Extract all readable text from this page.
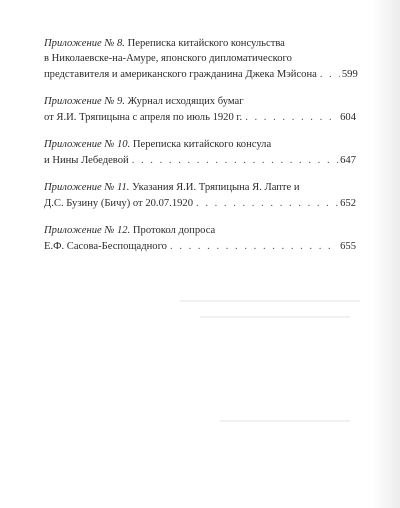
Приложение № 8.
Переписка китайского консульства
в Николаевске-на-Амуре, японского дипломатического
представителя и американского гражданина Джека Мэйсона . . . 599
Приложение № 9.
Журнал исходящих бумаг
от Я.И. Тряпицына с апреля по июль 1920 г. . . .	604
Приложение № 10.
Переписка китайского консула
и Нины Лебедевой . . .	647
Приложение № 11.
Указания Я.И. Тряпицына Я. Лапте и
Д.С. Бузину (Бичу) от 20.07.1920 . . .	652
Приложение № 12.
Протокол допроса
Е.Ф. Сасова-Беспощадного . . .	655
